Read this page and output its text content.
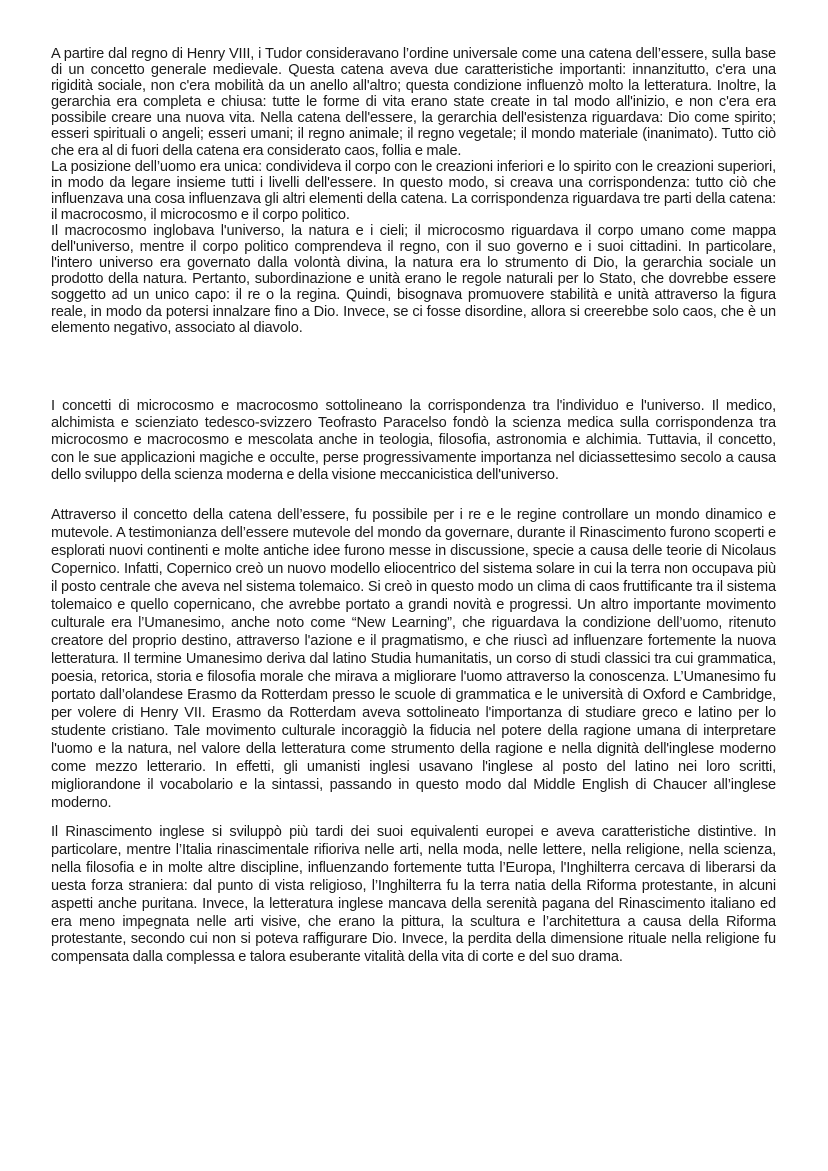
A partire dal regno di Henry VIII, i Tudor consideravano l’ordine universale come una catena dell’essere, sulla base di un concetto generale medievale. Questa catena aveva due caratteristiche importanti: innanzitutto, c'era una rigidità sociale, non c'era mobilità da un anello all'altro; questa condizione influenzò molto la letteratura. Inoltre, la gerarchia era completa e chiusa: tutte le forme di vita erano state create in tal modo all'inizio, e non c'era era possibile creare una nuova vita. Nella catena dell'essere, la gerarchia dell'esistenza riguardava: Dio come spirito; esseri spirituali o angeli; esseri umani; il regno animale; il regno vegetale; il mondo materiale (inanimato). Tutto ciò che era al di fuori della catena era considerato caos, follia e male.
La posizione dell’uomo era unica: condivideva il corpo con le creazioni inferiori e lo spirito con le creazioni superiori, in modo da legare insieme tutti i livelli dell'essere. In questo modo, si creava una corrispondenza: tutto ciò che influenzava una cosa influenzava gli altri elementi della catena. La corrispondenza riguardava tre parti della catena: il macrocosmo, il microcosmo e il corpo politico.
Il macrocosmo inglobava l'universo, la natura e i cieli; il microcosmo riguardava il corpo umano come mappa dell'universo, mentre il corpo politico comprendeva il regno, con il suo governo e i suoi cittadini. In particolare, l'intero universo era governato dalla volontà divina, la natura era lo strumento di Dio, la gerarchia sociale un prodotto della natura. Pertanto, subordinazione e unità erano le regole naturali per lo Stato, che dovrebbe essere soggetto ad un unico capo: il re o la regina. Quindi, bisognava promuovere stabilità e unità attraverso la figura reale, in modo da potersi innalzare fino a Dio. Invece, se ci fosse disordine, allora si creerebbe solo caos, che è un elemento negativo, associato al diavolo.
I concetti di microcosmo e macrocosmo sottolineano la corrispondenza tra l'individuo e l'universo. Il medico, alchimista e scienziato tedesco-svizzero Teofrasto Paracelso fondò la scienza medica sulla corrispondenza tra microcosmo e macrocosmo e mescolata anche in teologia, filosofia, astronomia e alchimia. Tuttavia, il concetto, con le sue applicazioni magiche e occulte, perse progressivamente importanza nel diciassettesimo secolo a causa dello sviluppo della scienza moderna e della visione meccanicistica dell'universo.
Attraverso il concetto della catena dell’essere, fu possibile per i re e le regine controllare un mondo dinamico e mutevole. A testimonianza dell’essere mutevole del mondo da governare, durante il Rinascimento furono scoperti e esplorati nuovi continenti e molte antiche idee furono messe in discussione, specie a causa delle teorie di Nicolaus Copernico. Infatti, Copernico creò un nuovo modello eliocentrico del sistema solare in cui la terra non occupava più il posto centrale che aveva nel sistema tolemaico. Si creò in questo modo un clima di caos fruttificante tra il sistema tolemaico e quello copernicano, che avrebbe portato a grandi novità e progressi. Un altro importante movimento culturale era l’Umanesimo, anche noto come “New Learning”, che riguardava la condizione dell’uomo, ritenuto creatore del proprio destino, attraverso l'azione e il pragmatismo, e che riuscì ad influenzare fortemente la nuova letteratura. Il termine Umanesimo deriva dal latino Studia humanitatis, un corso di studi classici tra cui grammatica, poesia, retorica, storia e filosofia morale che mirava a migliorare l'uomo attraverso la conoscenza. L’Umanesimo fu portato dall’olandese Erasmo da Rotterdam presso le scuole di grammatica e le università di Oxford e Cambridge, per volere di Henry VII. Erasmo da Rotterdam aveva sottolineato l'importanza di studiare greco e latino per lo studente cristiano. Tale movimento culturale incoraggiò la fiducia nel potere della ragione umana di interpretare l'uomo e la natura, nel valore della letteratura come strumento della ragione e nella dignità dell'inglese moderno come mezzo letterario. In effetti, gli umanisti inglesi usavano l'inglese al posto del latino nei loro scritti, migliorandone il vocabolario e la sintassi, passando in questo modo dal Middle English di Chaucer all’inglese moderno.
Il Rinascimento inglese si sviluppò più tardi dei suoi equivalenti europei e aveva caratteristiche distintive. In particolare, mentre l’Italia rinascimentale rifioriva nelle arti, nella moda, nelle lettere, nella religione, nella scienza, nella filosofia e in molte altre discipline, influenzando fortemente tutta l’Europa, l'Inghilterra cercava di liberarsi da uesta forza straniera: dal punto di vista religioso, l’Inghilterra fu la terra natia della Riforma protestante, in alcuni aspetti anche puritana. Invece, la letteratura inglese mancava della serenità pagana del Rinascimento italiano ed era meno impegnata nelle arti visive, che erano la pittura, la scultura e l’architettura a causa della Riforma protestante, secondo cui non si poteva raffigurare Dio. Invece, la perdita della dimensione rituale nella religione fu compensata dalla complessa e talora esuberante vitalità della vita di corte e del suo drama.
